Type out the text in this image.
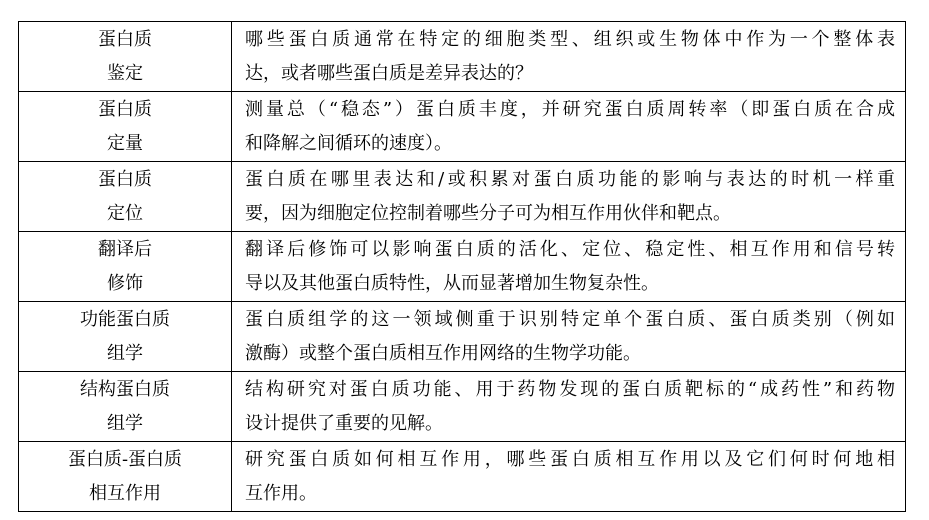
蛋白质
鉴定	哪些蛋白质通常在特定的细胞类型、组织或生物体中作为一个整体表
达，或者哪些蛋白质是差异表达的？

蛋白质
定量	测量总（“稳态”）蛋白质丰度，并研究蛋白质周转率（即蛋白质在合成
和降解之间循环的速度）。

蛋白质
定位	蛋白质在哪里表达和/或积累对蛋白质功能的影响与表达的时机一样重
要，因为细胞定位控制着哪些分子可为相互作用伙伴和靶点。

翻译后
修饰	翻译后修饰可以影响蛋白质的活化、定位、稳定性、相互作用和信号转
导以及其他蛋白质特性，从而显著增加生物复杂性。

功能蛋白质
组学	蛋白质组学的这一领域侧重于识别特定单个蛋白质、蛋白质类别（例如
激酶）或整个蛋白质相互作用网络的生物学功能。

结构蛋白质
组学	结构研究对蛋白质功能、用于药物发现的蛋白质靶标的“成药性”和药物
设计提供了重要的见解。

蛋白质-蛋白质
相互作用	研究蛋白质如何相互作用，哪些蛋白质相互作用以及它们何时何地相
互作用。
